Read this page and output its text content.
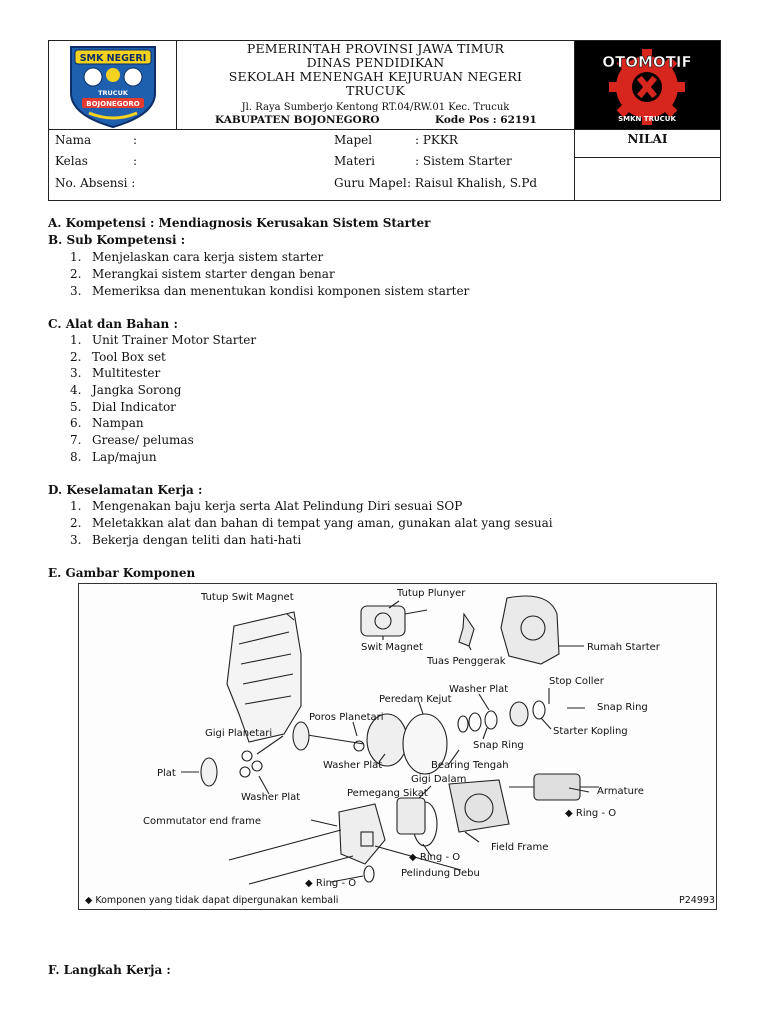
SMK NEGERI
TRUCUK
BOJONEGORO
PEMERINTAH PROVINSI JAWA TIMUR
DINAS PENDIDIKAN
SEKOLAH MENENGAH KEJURUAN NEGERI
TRUCUK
Jl. Raya Sumberjo Kentong RT.04/RW.01 Kec. Trucuk
KABUPATEN BOJONEGORO	Kode Pos : 62191
OTOMOTIF
SMKN TRUCUK
Nama	:
Kelas	:
No. Absensi :
Mapel	: PKKR
Materi	: Sistem Starter
Guru Mapel : Raisul Khalish, S.Pd
NILAI
A. Kompetensi : Mendiagnosis Kerusakan Sistem Starter
B. Sub Kompetensi :
1. Menjelaskan cara kerja sistem starter
2. Merangkai sistem starter dengan benar
3. Memeriksa dan menentukan kondisi komponen sistem starter
C. Alat dan Bahan :
1. Unit Trainer Motor Starter
2. Tool Box set
3. Multitester
4. Jangka Sorong
5. Dial Indicator
6. Nampan
7. Grease/ pelumas
8. Lap/majun
D. Keselamatan Kerja :
1. Mengenakan baju kerja serta Alat Pelindung Diri sesuai SOP
2. Meletakkan alat dan bahan di tempat yang aman, gunakan alat yang sesuai
3. Bekerja dengan teliti dan hati-hati
E. Gambar Komponen
Tutup Swit Magnet	Tutup Plunyer
Swit Magnet	Rumah Starter
Tuas Penggerak
Stop Coller
Washer Plat
Peredam Kejut
Snap Ring
Poros Planetari
Starter Kopling
Gigi Planetari
Snap Ring
Plat
Washer Plat	Bearing Tengah
Gigi Dalam
Washer Plat	Pemegang Sikat	Armature
Commutator end frame
◆ Ring - O
Field Frame
◆ Ring - O
◆ Ring - O
Pelindung Debu
◆ Komponen yang tidak dapat dipergunakan kembali	P24993
F. Langkah Kerja :
